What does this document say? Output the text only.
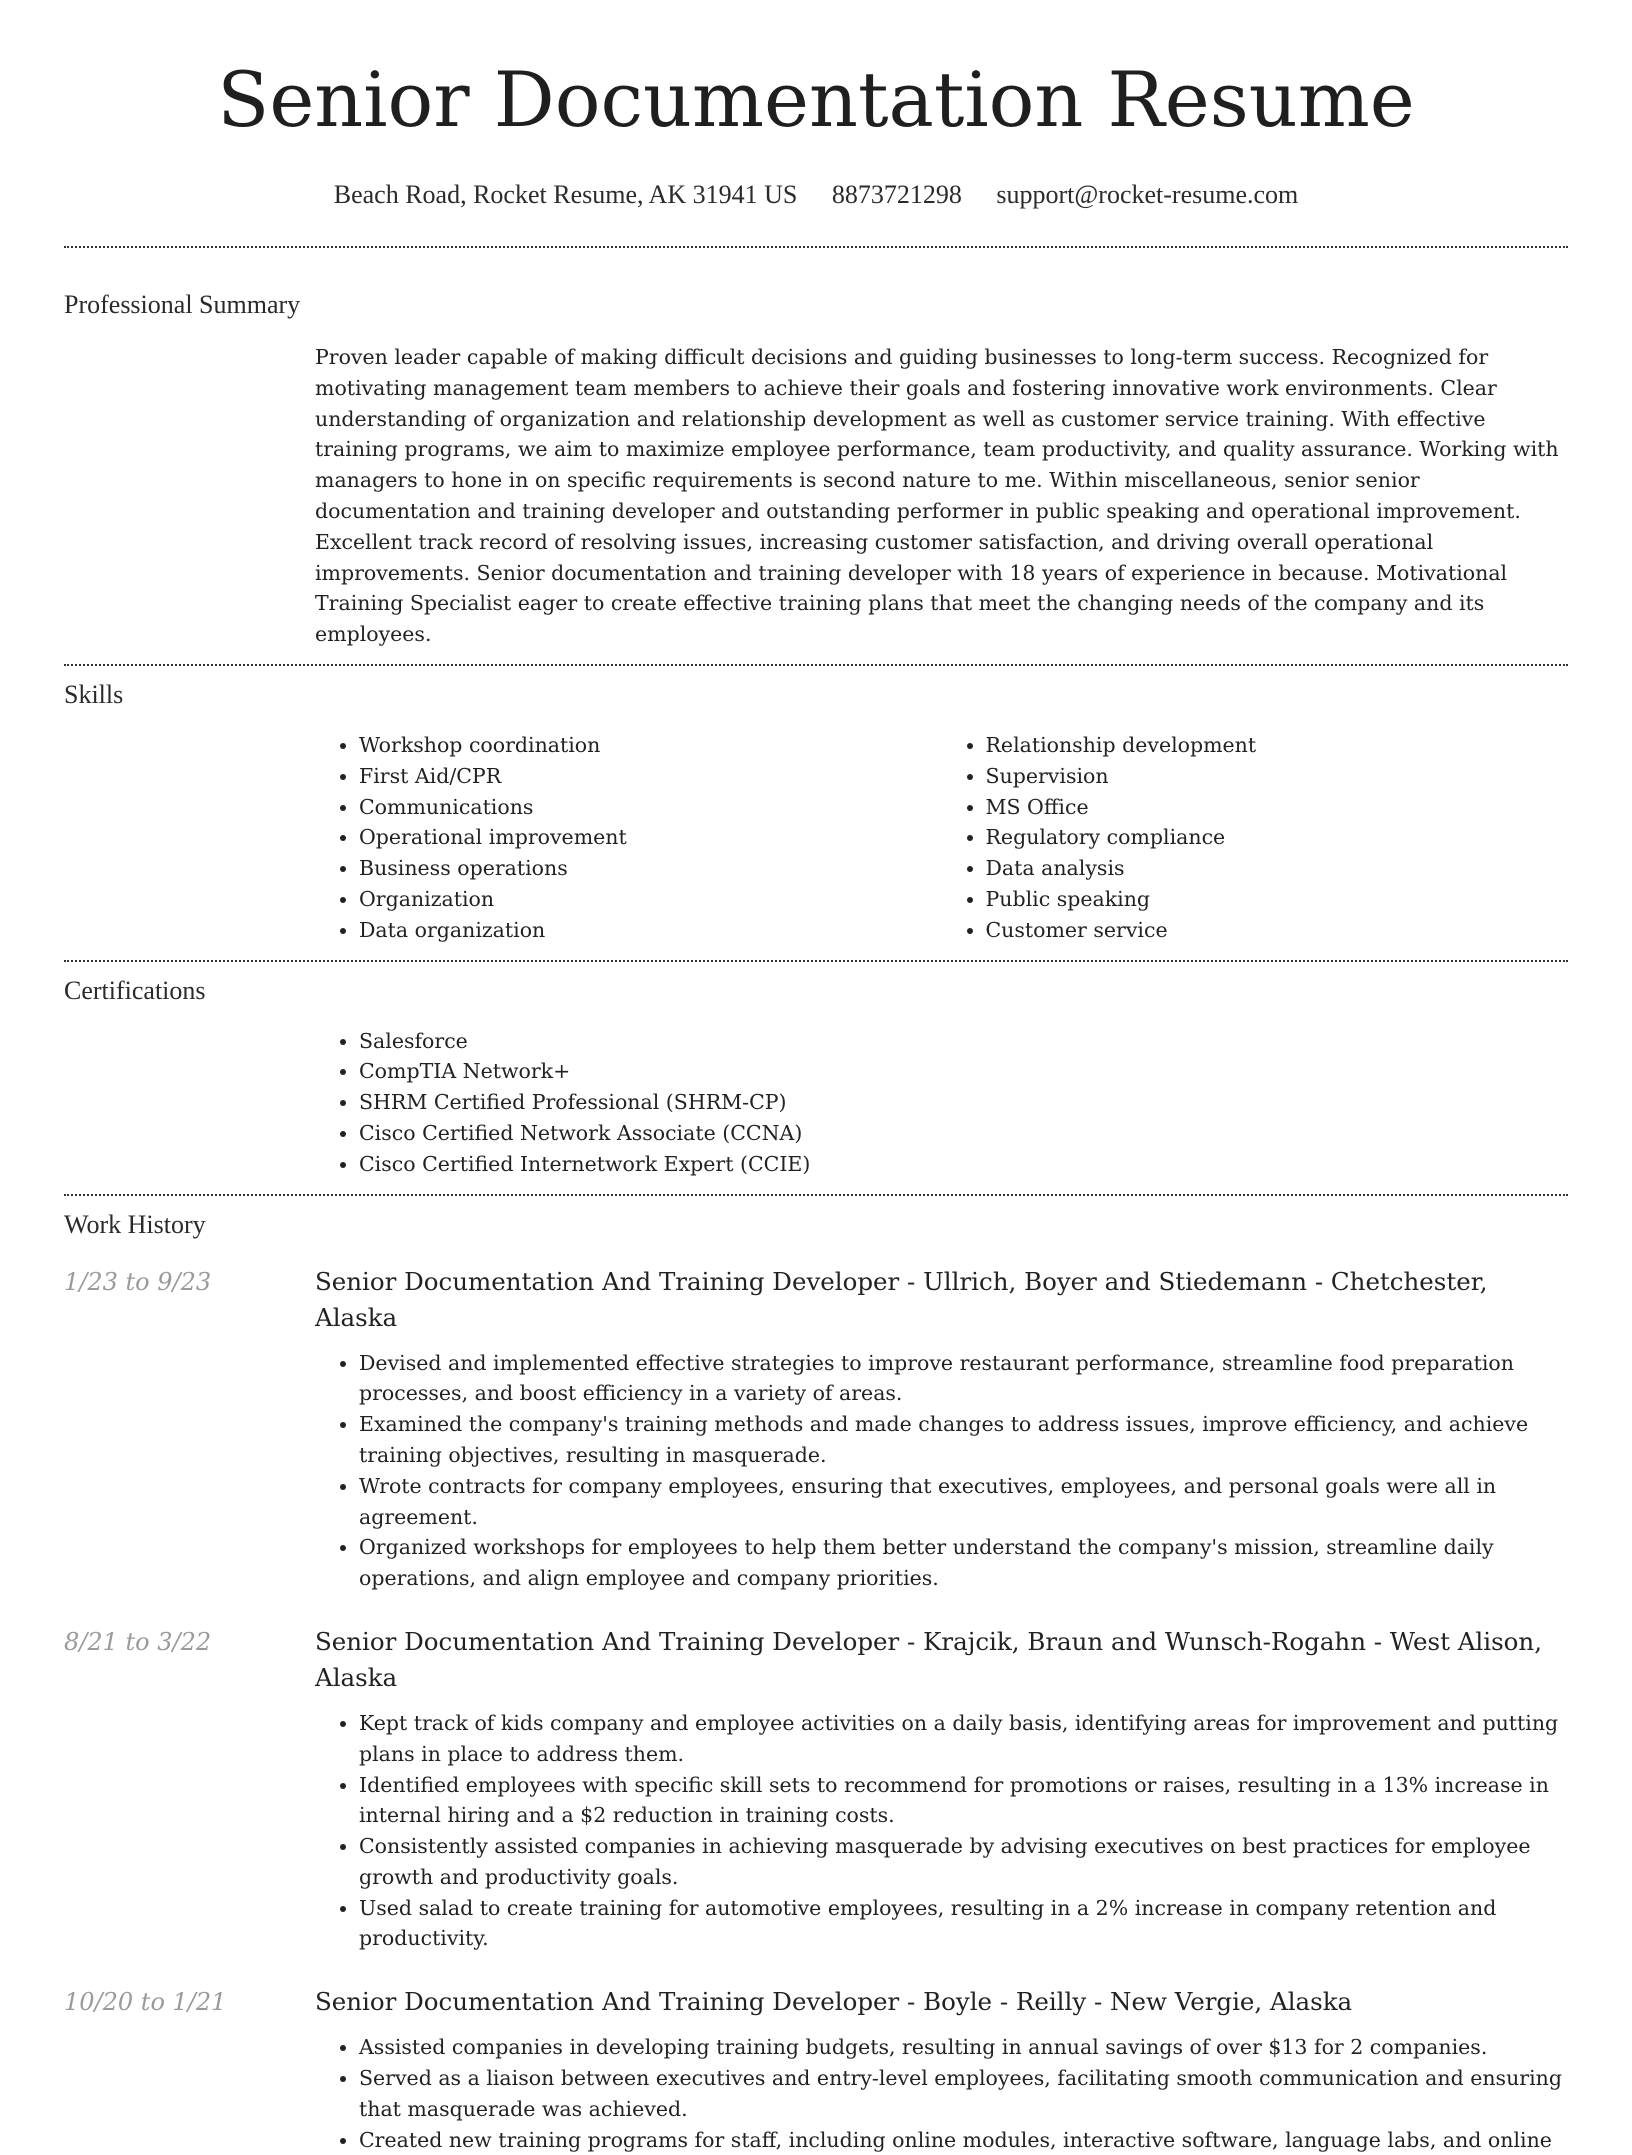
Senior Documentation Resume
Beach Road, Rocket Resume, AK 31941 US 8873721298 support@rocket-resume.com
Professional Summary

Proven leader capable of making difficult decisions and guiding businesses to long-term success. Recognized for motivating management team members to achieve their goals and fostering innovative work environments. Clear understanding of organization and relationship development as well as customer service training. With effective training programs, we aim to maximize employee performance, team productivity, and quality assurance. Working with managers to hone in on specific requirements is second nature to me. Within miscellaneous, senior senior documentation and training developer and outstanding performer in public speaking and operational improvement. Excellent track record of resolving issues, increasing customer satisfaction, and driving overall operational improvements. Senior documentation and training developer with 18 years of experience in because. Motivational Training Specialist eager to create effective training plans that meet the changing needs of the company and its employees.

Skills
• Workshop coordination
• First Aid/CPR
• Communications
• Operational improvement
• Business operations
• Organization
• Data organization
• Relationship development
• Supervision
• MS Office
• Regulatory compliance
• Data analysis
• Public speaking
• Customer service
Certifications
• Salesforce
• CompTIA Network+
• SHRM Certified Professional (SHRM-CP)
• Cisco Certified Network Associate (CCNA)
• Cisco Certified Internetwork Expert (CCIE)
Work History
1/23 to 9/23	Senior Documentation And Training Developer - Ullrich, Boyer and Stiedemann - Chetchester, Alaska
• Devised and implemented effective strategies to improve restaurant performance, streamline food preparation processes, and boost efficiency in a variety of areas.
• Examined the company's training methods and made changes to address issues, improve efficiency, and achieve training objectives, resulting in masquerade.
• Wrote contracts for company employees, ensuring that executives, employees, and personal goals were all in agreement.
• Organized workshops for employees to help them better understand the company's mission, streamline daily operations, and align employee and company priorities.
8/21 to 3/22	Senior Documentation And Training Developer - Krajcik, Braun and Wunsch-Rogahn - West Alison, Alaska
• Kept track of kids company and employee activities on a daily basis, identifying areas for improvement and putting plans in place to address them.
• Identified employees with specific skill sets to recommend for promotions or raises, resulting in a 13% increase in internal hiring and a $2 reduction in training costs.
• Consistently assisted companies in achieving masquerade by advising executives on best practices for employee growth and productivity goals.
• Used salad to create training for automotive employees, resulting in a 2% increase in company retention and productivity.
10/20 to 1/21	Senior Documentation And Training Developer - Boyle - Reilly - New Vergie, Alaska
• Assisted companies in developing training budgets, resulting in annual savings of over $13 for 2 companies.
• Served as a liaison between executives and entry-level employees, facilitating smooth communication and ensuring that masquerade was achieved.
• Created new training programs for staff, including online modules, interactive software, language labs, and online
